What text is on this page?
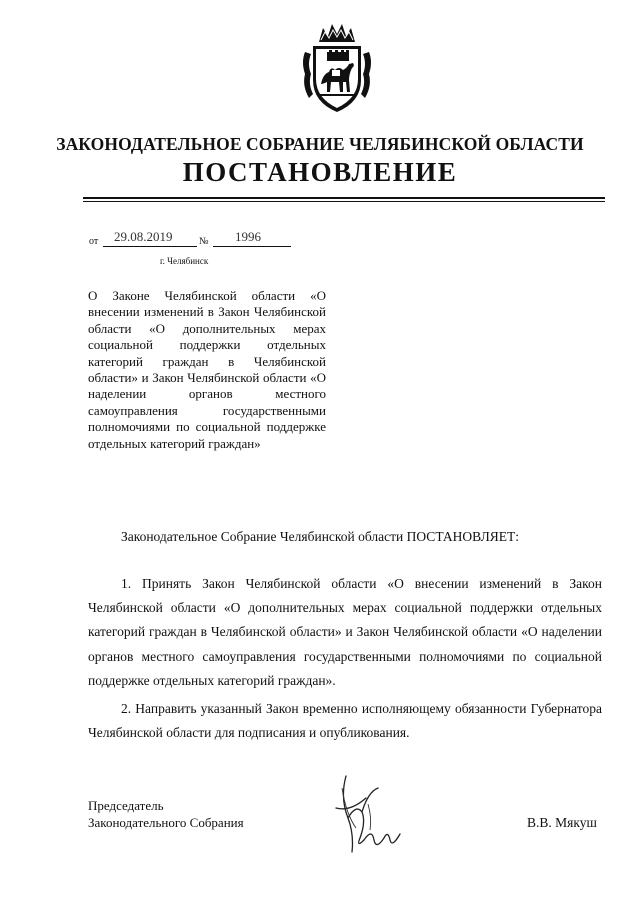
ЗАКОНОДАТЕЛЬНОЕ СОБРАНИЕ ЧЕЛЯБИНСКОЙ ОБЛАСТИ
ПОСТАНОВЛЕНИЕ
от 29.08.2019	№ 1996
г. Челябинск
О Законе Челябинской области «О внесении изменений в Закон Челябинской области «О дополнительных мерах социальной поддержки отдельных категорий граждан в Челябинской области» и Закон Челябинской области «О наделении органов местного самоуправления государственными полномочиями по социальной поддержке отдельных категорий граждан»
Законодательное Собрание Челябинской области ПОСТАНОВЛЯЕТ:

1. Принять Закон Челябинской области «О внесении изменений в Закон Челябинской области «О дополнительных мерах социальной поддержки отдельных категорий граждан в Челябинской области» и Закон Челябинской области «О наделении органов местного самоуправления государственными полномочиями по социальной поддержке отдельных категорий граждан».

2. Направить указанный Закон временно исполняющему обязанности Губернатора Челябинской области для подписания и опубликования.

Председатель
Законодательного Собрания	В.В. Мякуш
